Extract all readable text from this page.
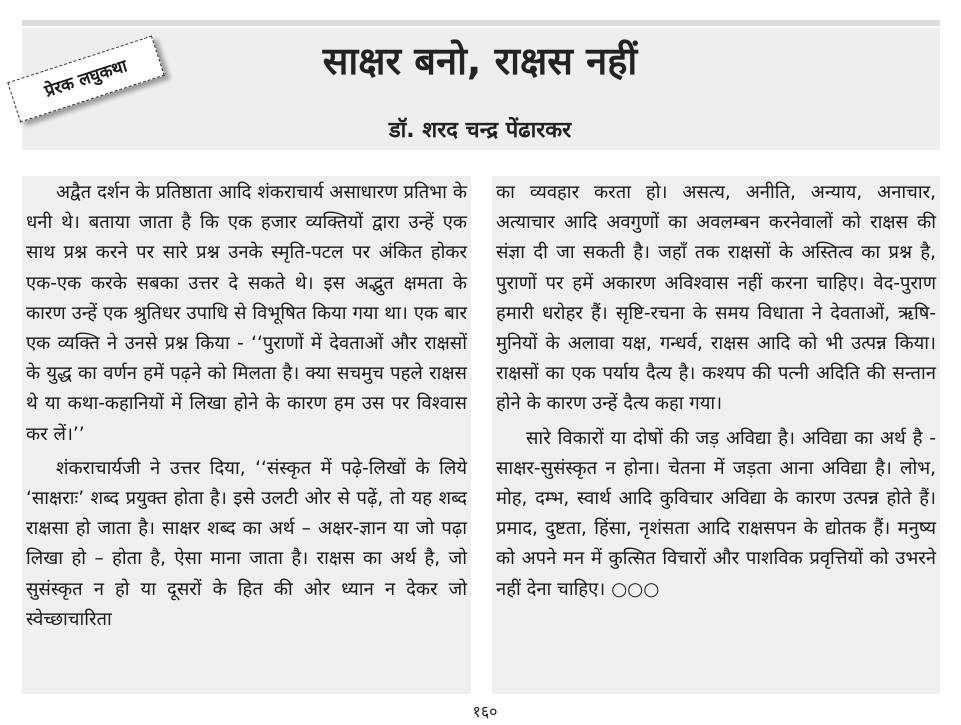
प्रेरक लघुकथा	साक्षर बनो, राक्षस नहीं
डॉ. शरद चन्द्र पेंढारकर

अद्वैत दर्शन के प्रतिष्ठाता आदि शंकराचार्य असाधारण प्रतिभा के धनी थे। बताया जाता है कि एक हजार व्यक्तियों द्वारा उन्हें एक साथ प्रश्न करने पर सारे प्रश्न उनके स्मृति-पटल पर अंकित होकर एक-एक करके सबका उत्तर दे सकते थे। इस अद्भुत क्षमता के कारण उन्हें एक श्रुतिधर उपाधि से विभूषित किया गया था। एक बार एक व्यक्ति ने उनसे प्रश्न किया - ‘‘पुराणों में देवताओं और राक्षसों के युद्ध का वर्णन हमें पढ़ने को मिलता है। क्या सचमुच पहले राक्षस थे या कथा-कहानियों में लिखा होने के कारण हम उस पर विश्वास कर लें।’’

शंकराचार्यजी ने उत्तर दिया, ‘‘संस्कृत में पढ़े-लिखों के लिये ‘साक्षराः’ शब्द प्रयुक्त होता है। इसे उलटी ओर से पढ़ें, तो यह शब्द राक्षसा हो जाता है। साक्षर शब्द का अर्थ – अक्षर-ज्ञान या जो पढ़ा लिखा हो – होता है, ऐसा माना जाता है। राक्षस का अर्थ है, जो सुसंस्कृत न हो या दूसरों के हित की ओर ध्यान न देकर जो स्वेच्छाचारिता

का व्यवहार करता हो। असत्य, अनीति, अन्याय, अनाचार, अत्याचार आदि अवगुणों का अवलम्बन करनेवालों को राक्षस की संज्ञा दी जा सकती है। जहाँ तक राक्षसों के अस्तित्व का प्रश्न है, पुराणों पर हमें अकारण अविश्वास नहीं करना चाहिए। वेद-पुराण हमारी धरोहर हैं। सृष्टि-रचना के समय विधाता ने देवताओं, ऋषि-मुनियों के अलावा यक्ष, गन्धर्व, राक्षस आदि को भी उत्पन्न किया। राक्षसों का एक पर्याय दैत्य है। कश्यप की पत्नी अदिति की सन्तान होने के कारण उन्हें दैत्य कहा गया।

सारे विकारों या दोषों की जड़ अविद्या है। अविद्या का अर्थ है - साक्षर-सुसंस्कृत न होना। चेतना में जड़ता आना अविद्या है। लोभ, मोह, दम्भ, स्वार्थ आदि कुविचार अविद्या के कारण उत्पन्न होते हैं। प्रमाद, दुष्टता, हिंसा, नृशंसता आदि राक्षसपन के द्योतक हैं। मनुष्य को अपने मन में कुत्सित विचारों और पाशविक प्रवृत्तियों को उभरने नहीं देना चाहिए। ○○○

१६०
